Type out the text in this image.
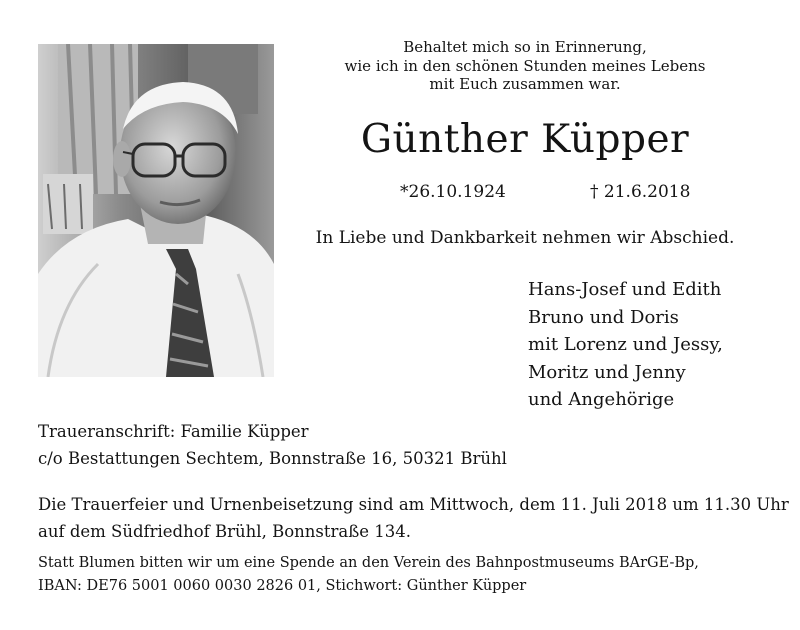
Behaltet mich so in Erinnerung,
wie ich in den schönen Stunden meines Lebens
mit Euch zusammen war.
Günther Küpper
*26.10.1924	† 21.6.2018
In Liebe und Dankbarkeit nehmen wir Abschied.
Hans-Josef und Edith
Bruno und Doris
mit Lorenz und Jessy,
Moritz und Jenny
und Angehörige
Traueranschrift: Familie Küpper
c/o Bestattungen Sechtem, Bonnstraße 16, 50321 Brühl
Die Trauerfeier und Urnenbeisetzung sind am Mittwoch, dem 11. Juli 2018 um 11.30 Uhr
auf dem Südfriedhof Brühl, Bonnstraße 134.
Statt Blumen bitten wir um eine Spende an den Verein des Bahnpostmuseums BArGE-Bp,
IBAN: DE76 5001 0060 0030 2826 01, Stichwort: Günther Küpper
